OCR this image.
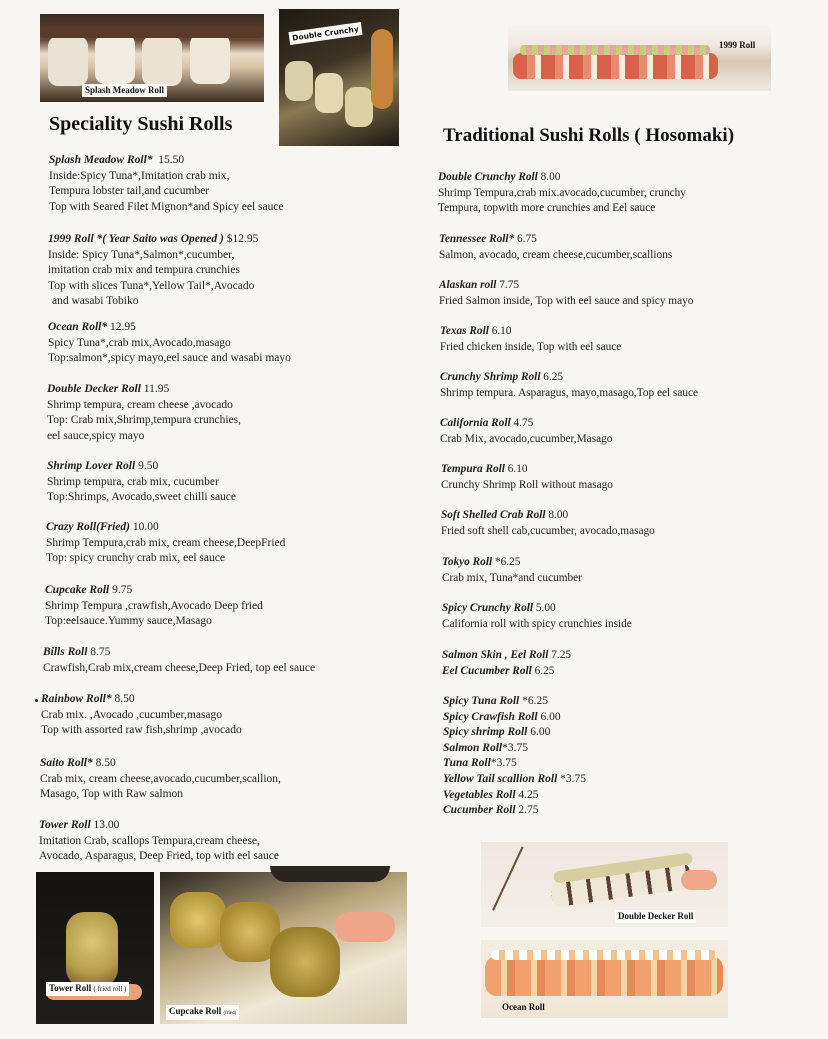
Splash Meadow Roll
Double Crunchy
1999 Roll
Double Decker Roll
Ocean Roll
Tower Roll ( fried roll )
Cupcake Roll (fried)
Speciality Sushi Rolls
Traditional Sushi Rolls ( Hosomaki)
Splash Meadow Roll* 15.50
Inside:Spicy Tuna*,Imitation crab mix,
Tempura lobster tail,and cucumber
Top with Seared Filet Mignon*and Spicy eel sauce
1999 Roll *( Year Saito was Opened ) $12.95
Inside: Spicy Tuna*,Salmon*,cucumber,
imitation crab mix and tempura crunchies
Top with slices Tuna*,Yellow Tail*,Avocado
and wasabi Tobiko
Ocean Roll* 12.95
Spicy Tuna*,crab mix,Avocado,masago
Top:salmon*,spicy mayo,eel sauce and wasabi mayo
Double Decker Roll 11.95
Shrimp tempura, cream cheese ,avocado
Top: Crab mix,Shrimp,tempura crunchies,
eel sauce,spicy mayo
Shrimp Lover Roll 9.50
Shrimp tempura, crab mix, cucumber
Top:Shrimps, Avocado,sweet chilli sauce
Crazy Roll(Fried) 10.00
Shrimp Tempura,crab mix, cream cheese,DeepFried
Top: spicy crunchy crab mix, eel sauce
Cupcake Roll 9.75
Shrimp Tempura ,crawfish,Avocado Deep fried
Top:eelsauce.Yummy sauce,Masago
Bills Roll 8.75
Crawfish,Crab mix,cream cheese,Deep Fried, top eel sauce
Rainbow Roll* 8.50
Crab mix. ,Avocado ,cucumber,masago
Top with assorted raw fish,shrimp ,avocado
Saito Roll* 8.50
Crab mix, cream cheese,avocado,cucumber,scallion,
Masago, Top with Raw salmon
Tower Roll 13.00
Imitation Crab, scallops Tempura,cream cheese,
Avocado, Asparagus, Deep Fried, top with eel sauce
Double Crunchy Roll 8.00
Shrimp Tempura,crab mix.avocado,cucumber, crunchy
Tempura, topwith more crunchies and Eel sauce
Tennessee Roll* 6.75
Salmon, avocado, cream cheese,cucumber,scallions
Alaskan roll 7.75
Fried Salmon inside, Top with eel sauce and spicy mayo
Texas Roll 6.10
Fried chicken inside, Top with eel sauce
Crunchy Shrimp Roll 6.25
Shrimp tempura. Asparagus, mayo,masago,Top eel sauce
California Roll 4.75
Crab Mix, avocado,cucumber,Masago
Tempura Roll 6.10
Crunchy Shrimp Roll without masago
Soft Shelled Crab Roll 8.00
Fried soft shell cab,cucumber, avocado,masago
Tokyo Roll *6.25
Crab mix, Tuna*and cucumber
Spicy Crunchy Roll 5.00
California roll with spicy crunchies inside
Salmon Skin , Eel Roll 7.25
Eel Cucumber Roll 6.25
Spicy Tuna Roll *6.25
Spicy Crawfish Roll 6.00
Spicy shrimp Roll 6.00
Salmon Roll*3.75
Tuna Roll*3.75
Yellow Tail scallion Roll *3.75
Vegetables Roll 4.25
Cucumber Roll 2.75
